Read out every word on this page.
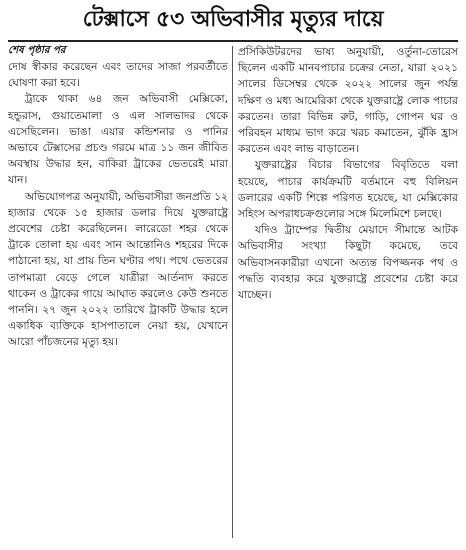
টেক্সাসে ৫৩ অভিবাসীর মৃত্যুর দায়ে

শেষ পৃষ্ঠার পর

দোষ স্বীকার করেছেন এবং তাদের সাজা পরবর্তীতে ঘোষণা করা হবে।

ট্রাকে থাকা ৬৪ জন অভিবাসী মেক্সিকো, হন্ডুরাস, গুয়াতেমালা ও এল সালভাদর থেকে এসেছিলেন। ভাঙা এয়ার কন্ডিশনার ও পানির অভাবে টেক্সাসের প্রচণ্ড গরমে মাত্র ১১ জন জীবিত অবস্থায় উদ্ধার হন, বাকিরা ট্রাকের ভেতরেই মারা যান।

অভিযোগপত্র অনুযায়ী, অভিবাসীরা জনপ্রতি ১২ হাজার থেকে ১৫ হাজার ডলার দিয়ে যুক্তরাষ্ট্রে প্রবেশের চেষ্টা করেছিলেন। লারেডো শহর থেকে ট্রাকে তোলা হয় এবং সান আন্তোনিও শহরের দিকে পাঠানো হয়, যা প্রায় তিন ঘণ্টার পথ। পথে ভেতরের তাপমাত্রা বেড়ে গেলে যাত্রীরা আর্তনাদ করতে থাকেন ও ট্রাকের গায়ে আঘাত করলেও কেউ শুনতে পাননি। ২৭ জুন ২০২২ তারিখে ট্রাকটি উদ্ধার হলে একাধিক ব্যক্তিকে হাসপাতালে নেয়া হয়, যেখানে আরো পাঁচজনের মৃত্যু হয়।

প্রসিকিউটরদের ভাষ্য অনুযায়ী, ওর্তুনা-তোরেস ছিলেন একটি মানবপাচার চক্রের নেতা, যারা ২০২১ সালের ডিসেম্বর থেকে ২০২২ সালের জুন পর্যন্ত দক্ষিণ ও মধ্য আমেরিকা থেকে যুক্তরাষ্ট্রে লোক পাচার করতেন। তারা বিভিন্ন রুট, গাড়ি, গোপন ঘর ও পরিবহন মাধ্যম ভাগ করে খরচ কমাতেন, ঝুঁকি হ্রাস করতেন এবং লাভ বাড়াতেন।

যুক্তরাষ্ট্রের বিচার বিভাগের বিবৃতিতে বলা হয়েছে, পাচার কার্যক্রমটি বর্তমানে বহু বিলিয়ন ডলারের একটি শিল্পে পরিণত হয়েছে, যা মেক্সিকোর সহিংস অপরাধচক্রগুলোর সঙ্গে মিলেমিশে চলছে।

যদিও ট্রাম্পের দ্বিতীয় মেয়াদে সীমান্তে আটক অভিবাসীর সংখ্যা কিছুটা কমেছে, তবে অভিবাসনকারীরা এখনো অত্যন্ত বিপজ্জনক পথ ও পদ্ধতি ব্যবহার করে যুক্তরাষ্ট্রে প্রবেশের চেষ্টা করে যাচ্ছেন।
